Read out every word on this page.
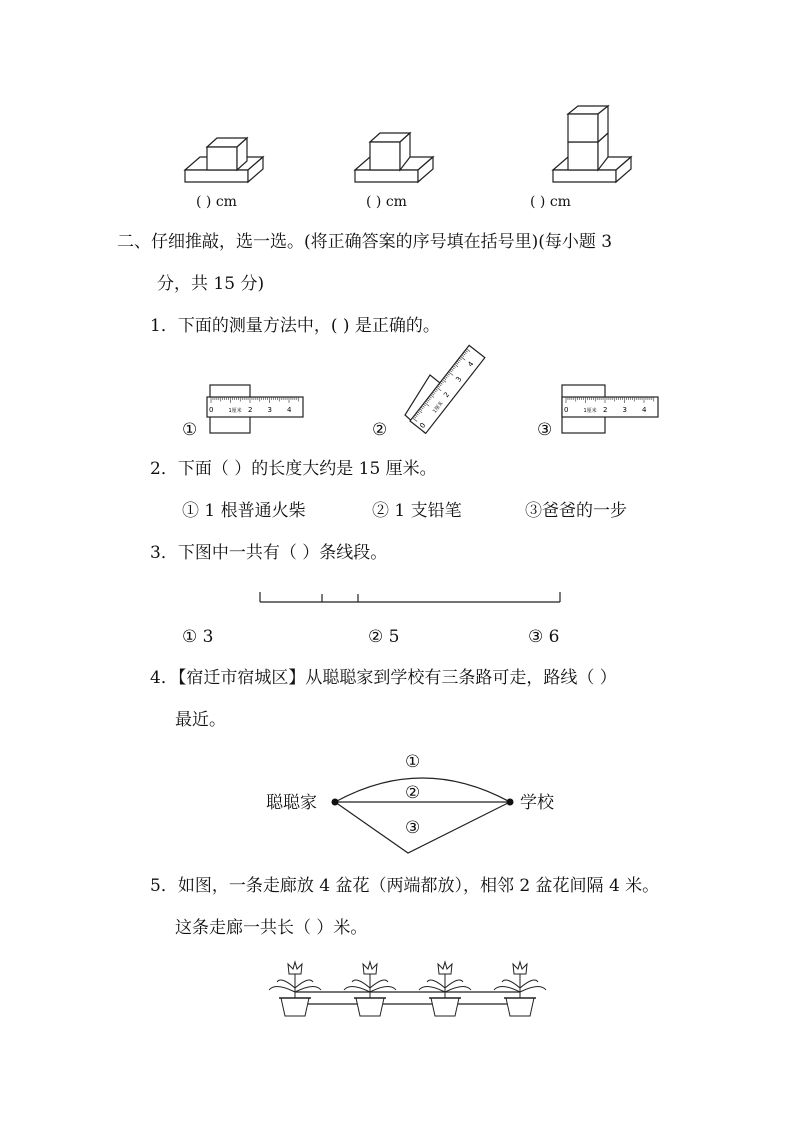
( ) cm	( ) cm	( ) cm
二、仔细推敲，选一选。(将正确答案的序号填在括号里)(每小题 3
分，共 15 分)
1．下面的测量方法中，( ) 是正确的。
0	1厘米 2 3 4
0
1厘米
2
3
4
0	1厘米 2 3 4
①	②	③
2．下面（ ）的长度大约是 15 厘米。
① 1 根普通火柴	② 1 支铅笔	③爸爸的一步
3．下图中一共有（ ）条线段。
① 3	② 5	③ 6
4．【宿迁市宿城区】从聪聪家到学校有三条路可走，路线（ ）
最近。
①
②
③
聪聪家	学校
5．如图，一条走廊放 4 盆花（两端都放），相邻 2 盆花间隔 4 米。
这条走廊一共长（ ）米。
